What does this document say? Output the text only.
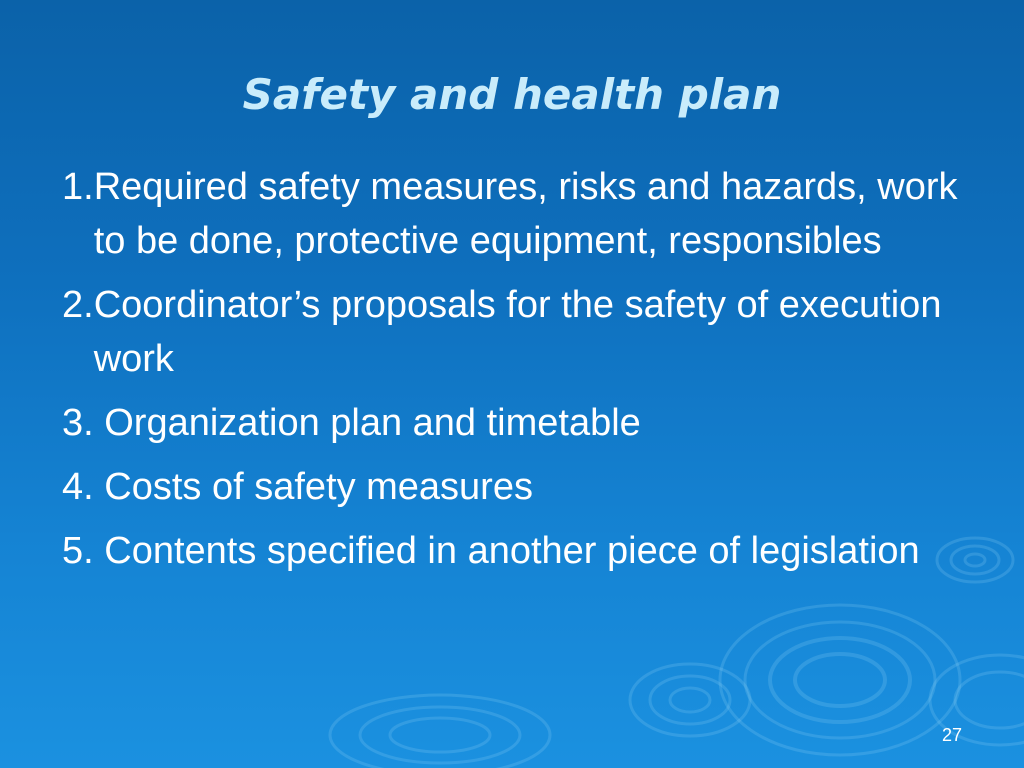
Safety and health plan
1. Required safety measures, risks and hazards, work to be done, protective equipment, responsibles
2. Coordinator’s proposals for the safety of execution work
3. Organization plan and timetable
4. Costs of safety measures
5. Contents specified in another piece of legislation
27
